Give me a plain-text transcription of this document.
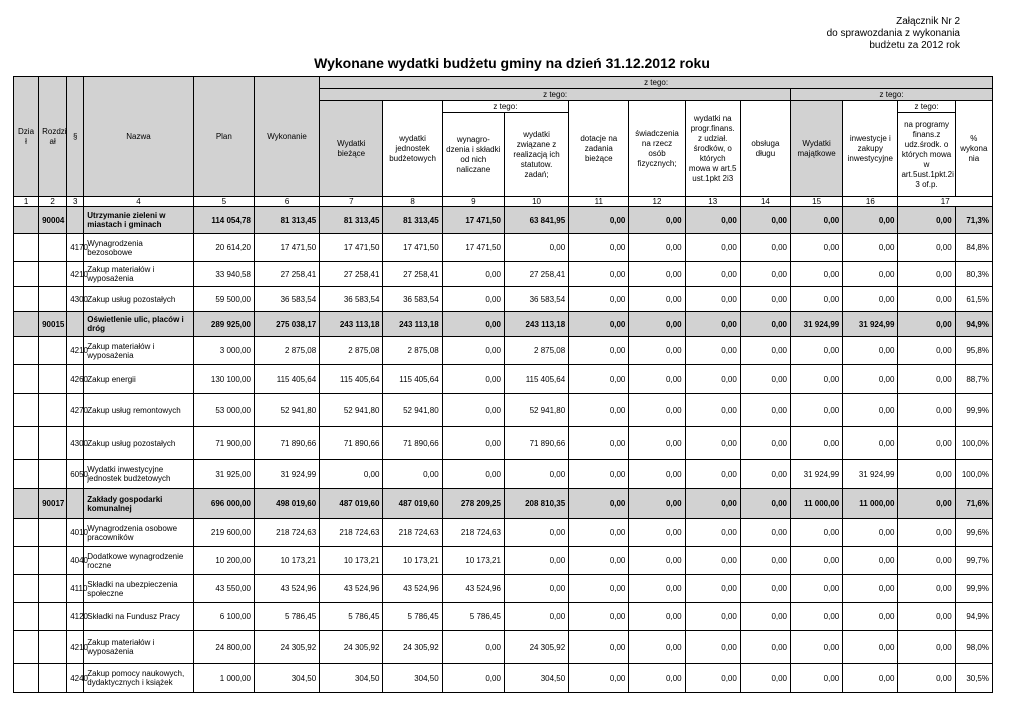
Załącznik Nr 2
do sprawozdania z wykonania
budżetu za 2012 rok
Wykonane wydatki budżetu gminy na dzień 31.12.2012 roku
Dzia ł	Rozdzi ał	§	Nazwa	Plan	Wykonanie	z tego:											
						z tego:								z tego:			
						Wydatki bieżące	wydatki jednostek budżetowych	z tego:		dotacje na zadania bieżące	świadczenia na rzecz osób fizycznych;	wydatki na progr.finans. z udział. środków, o których mowa w art.5 ust.1pkt 2i3	obsługa długu	Wydatki majątkowe	inwestycje i zakupy inwestycyjne	z tego:	% wykona nia
								wynagro- dzenia i składki od nich naliczane	wydatki związane z realizacją ich statutow. zadań;							na programy finans.z udz.środk. o których mowa w art.5ust.1pkt.2i 3 of.p.	
1	2	3	4	5	6	7	8	9	10	11	12	13	14	15	16	17	
	90004		Utrzymanie zieleni w miastach i gminach	114 054,78	81 313,45	81 313,45	81 313,45	17 471,50	63 841,95	0,00	0,00	0,00	0,00	0,00	0,00	0,00	71,3%
		4170	Wynagrodzenia bezosobowe	20 614,20	17 471,50	17 471,50	17 471,50	17 471,50	0,00	0,00	0,00	0,00	0,00	0,00	0,00	0,00	84,8%
		4210	Zakup materiałów i wyposażenia	33 940,58	27 258,41	27 258,41	27 258,41	0,00	27 258,41	0,00	0,00	0,00	0,00	0,00	0,00	0,00	80,3%
		4300	Zakup usług pozostałych	59 500,00	36 583,54	36 583,54	36 583,54	0,00	36 583,54	0,00	0,00	0,00	0,00	0,00	0,00	0,00	61,5%
	90015		Oświetlenie ulic, placów i dróg	289 925,00	275 038,17	243 113,18	243 113,18	0,00	243 113,18	0,00	0,00	0,00	0,00	31 924,99	31 924,99	0,00	94,9%
		4210	Zakup materiałów i wyposażenia	3 000,00	2 875,08	2 875,08	2 875,08	0,00	2 875,08	0,00	0,00	0,00	0,00	0,00	0,00	0,00	95,8%
		4260	Zakup energii	130 100,00	115 405,64	115 405,64	115 405,64	0,00	115 405,64	0,00	0,00	0,00	0,00	0,00	0,00	0,00	88,7%
		4270	Zakup usług remontowych	53 000,00	52 941,80	52 941,80	52 941,80	0,00	52 941,80	0,00	0,00	0,00	0,00	0,00	0,00	0,00	99,9%
		4300	Zakup usług pozostałych	71 900,00	71 890,66	71 890,66	71 890,66	0,00	71 890,66	0,00	0,00	0,00	0,00	0,00	0,00	0,00	100,0%
		6050	Wydatki inwestycyjne jednostek budżetowych	31 925,00	31 924,99	0,00	0,00	0,00	0,00	0,00	0,00	0,00	0,00	31 924,99	31 924,99	0,00	100,0%
	90017		Zakłady gospodarki komunalnej	696 000,00	498 019,60	487 019,60	487 019,60	278 209,25	208 810,35	0,00	0,00	0,00	0,00	11 000,00	11 000,00	0,00	71,6%
		4010	Wynagrodzenia osobowe pracowników	219 600,00	218 724,63	218 724,63	218 724,63	218 724,63	0,00	0,00	0,00	0,00	0,00	0,00	0,00	0,00	99,6%
		4040	Dodatkowe wynagrodzenie roczne	10 200,00	10 173,21	10 173,21	10 173,21	10 173,21	0,00	0,00	0,00	0,00	0,00	0,00	0,00	0,00	99,7%
		4110	Składki na ubezpieczenia społeczne	43 550,00	43 524,96	43 524,96	43 524,96	43 524,96	0,00	0,00	0,00	0,00	0,00	0,00	0,00	0,00	99,9%
		4120	Składki na Fundusz Pracy	6 100,00	5 786,45	5 786,45	5 786,45	5 786,45	0,00	0,00	0,00	0,00	0,00	0,00	0,00	0,00	94,9%
		4210	Zakup materiałów i wyposażenia	24 800,00	24 305,92	24 305,92	24 305,92	0,00	24 305,92	0,00	0,00	0,00	0,00	0,00	0,00	0,00	98,0%
		4240	Zakup pomocy naukowych, dydaktycznych i książek	1 000,00	304,50	304,50	304,50	0,00	304,50	0,00	0,00	0,00	0,00	0,00	0,00	0,00	30,5%
